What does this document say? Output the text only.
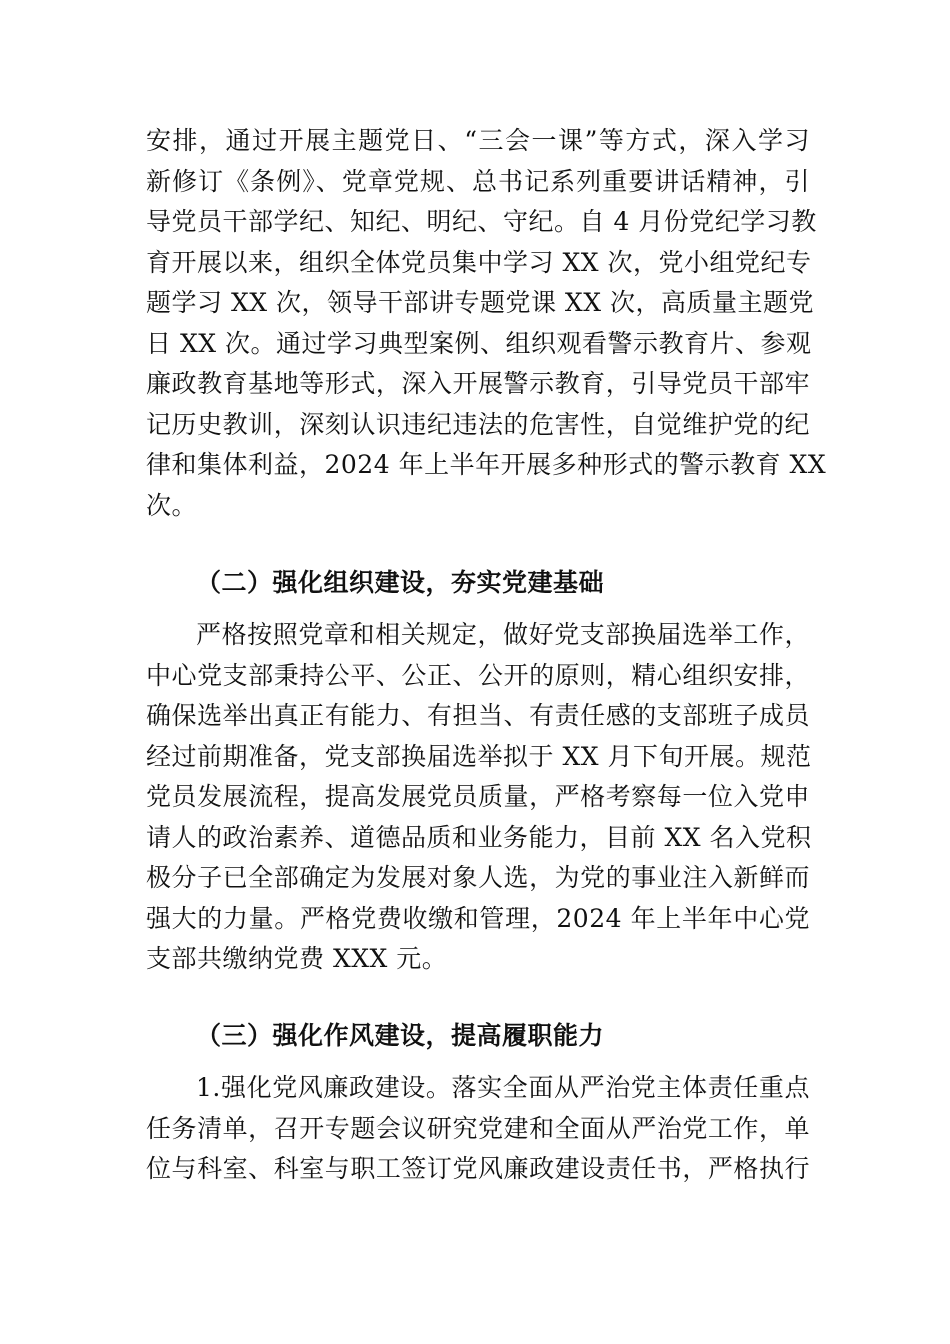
安排，通过开展主题党日、“三会一课”等方式，深入学习
新修订《条例》、党章党规、总书记系列重要讲话精神，引
导党员干部学纪、知纪、明纪、守纪。自 4 月份党纪学习教
育开展以来，组织全体党员集中学习 XX 次，党小组党纪专
题学习 XX 次，领导干部讲专题党课 XX 次，高质量主题党
日 XX 次。通过学习典型案例、组织观看警示教育片、参观
廉政教育基地等形式，深入开展警示教育，引导党员干部牢
记历史教训，深刻认识违纪违法的危害性，自觉维护党的纪
律和集体利益，2024 年上半年开展多种形式的警示教育 XX
次。
（二）强化组织建设，夯实党建基础
严格按照党章和相关规定，做好党支部换届选举工作，
中心党支部秉持公平、公正、公开的原则，精心组织安排，
确保选举出真正有能力、有担当、有责任感的支部班子成员
经过前期准备，党支部换届选举拟于 XX 月下旬开展。规范
党员发展流程，提高发展党员质量，严格考察每一位入党申
请人的政治素养、道德品质和业务能力，目前 XX 名入党积
极分子已全部确定为发展对象人选，为党的事业注入新鲜而
强大的力量。严格党费收缴和管理，2024 年上半年中心党
支部共缴纳党费 XXX 元。
（三）强化作风建设，提高履职能力
1.强化党风廉政建设。落实全面从严治党主体责任重点
任务清单，召开专题会议研究党建和全面从严治党工作，单
位与科室、科室与职工签订党风廉政建设责任书，严格执行
